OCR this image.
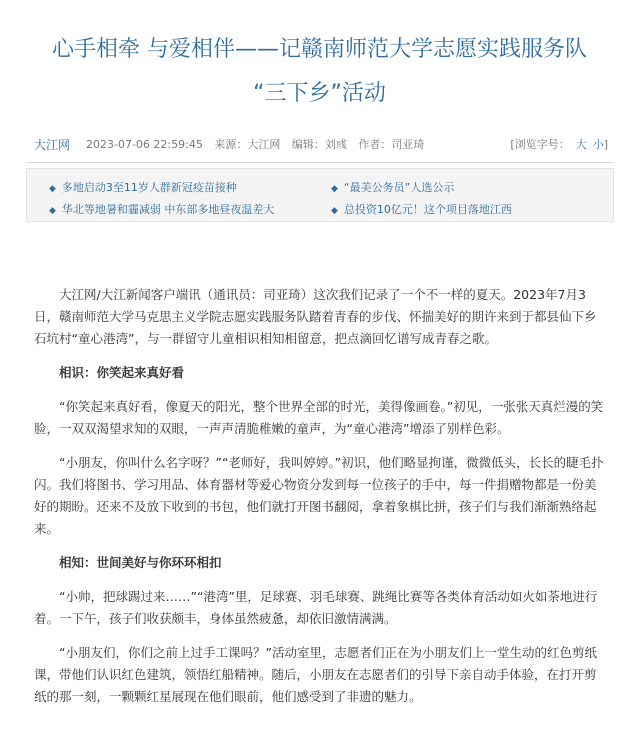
心手相牵 与爱相伴——记赣南师范大学志愿实践服务队
“三下乡”活动
大江网 2023-07-06 22:59:45 来源：大江网 编辑：刘彧 作者：司亚琦	[浏览字号： 大 小]
◆ 多地启动3至11岁人群新冠疫苗接种	◆ “最美公务员”人选公示
◆ 华北等地暑和霾减弱 中东部多地昼夜温差大	◆ 总投资10亿元！这个项目落地江西

大江网/大江新闻客户端讯（通讯员：司亚琦）这次我们记录了一个不一样的夏天。2023年7月3日，赣南师范大学马克思主义学院志愿实践服务队踏着青春的步伐、怀揣美好的期许来到于都县仙下乡石坑村“童心港湾”，与一群留守儿童相识相知相留意，把点滴回忆谱写成青春之歌。

相识：你笑起来真好看

“你笑起来真好看，像夏天的阳光，整个世界全部的时光，美得像画卷。”初见，一张张天真烂漫的笑脸，一双双渴望求知的双眼，一声声清脆稚嫩的童声，为“童心港湾”增添了别样色彩。

“小朋友，你叫什么名字呀？”“老师好，我叫婷婷。”初识，他们略显拘谨，微微低头，长长的睫毛扑闪。我们将图书、学习用品、体育器材等爱心物资分发到每一位孩子的手中，每一件捐赠物都是一份美好的期盼。还来不及放下收到的书包，他们就打开图书翻阅，拿着象棋比拼，孩子们与我们渐渐熟络起来。

相知：世间美好与你环环相扣

“小帅，把球踢过来……”“港湾”里，足球赛、羽毛球赛、跳绳比赛等各类体育活动如火如荼地进行着。一下午，孩子们收获颇丰，身体虽然疲惫，却依旧激情满满。

“小朋友们，你们之前上过手工课吗？”活动室里，志愿者们正在为小朋友们上一堂生动的红色剪纸课，带他们认识红色建筑，领悟红船精神。随后，小朋友在志愿者们的引导下亲自动手体验，在打开剪纸的那一刻，一颗颗红星展现在他们眼前，他们感受到了非遗的魅力。
